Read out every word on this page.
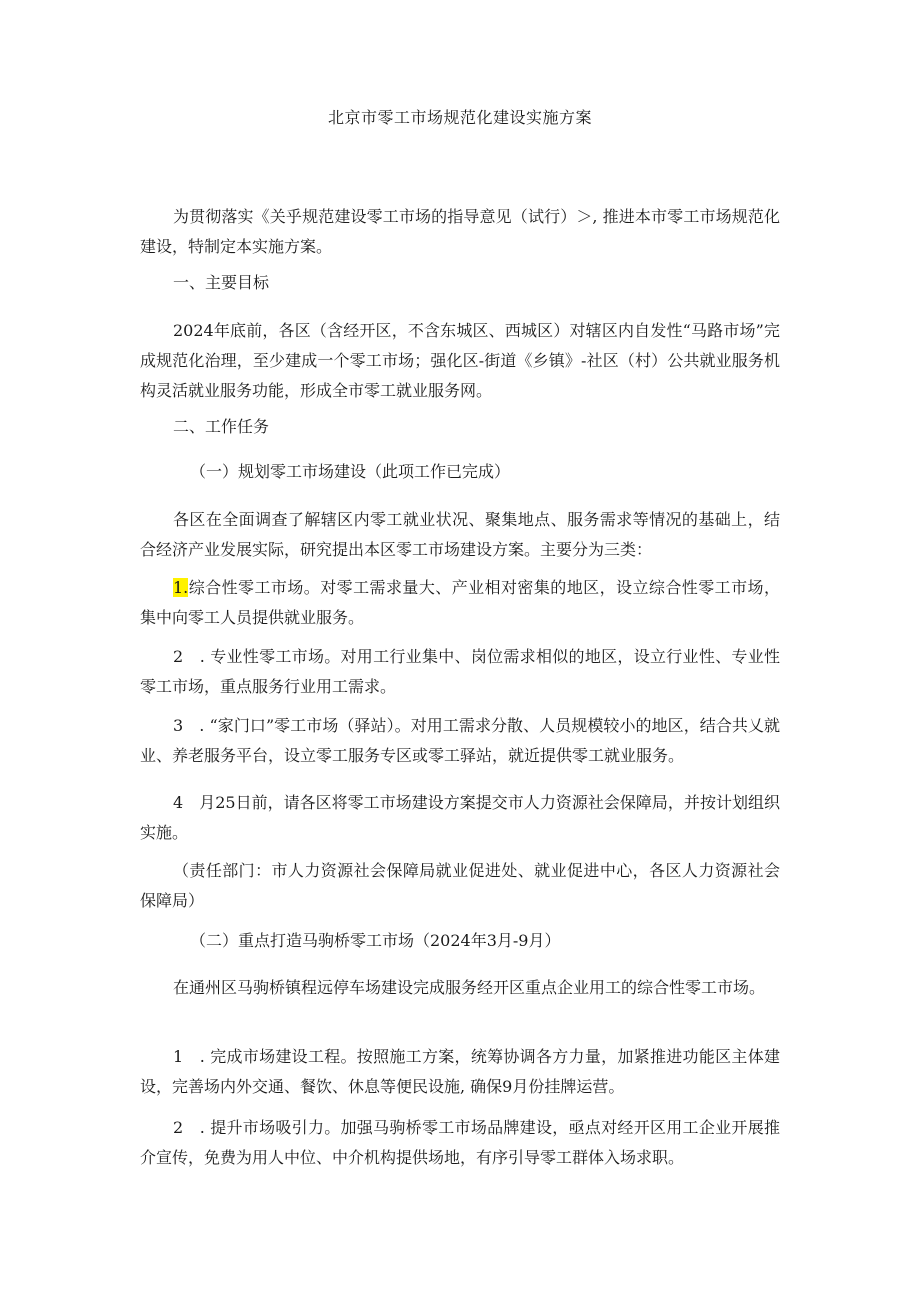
北京市零工市场规范化建设实施方案

为贯彻落实《关乎规范建设零工市场的指导意见（试行）＞, 推进本市零工市场规范化建设，特制定本实施方案。

一、主要目标

2024年底前，各区（含经开区，不含东城区、西城区）对辖区内自发性“马路市场”完成规范化治理，至少建成一个零工市场；强化区-街道《乡镇》-社区（村）公共就业服务机构灵活就业服务功能，形成全市零工就业服务网。

二、工作任务

（一）规划零工市场建设（此项工作已完成）

各区在全面调查了解辖区内零工就业状况、聚集地点、服务需求等情况的基础上，结合经济产业发展实际，研究提出本区零工市场建设方案。主要分为三类：

1.综合性零工市场。对零工需求量大、产业相对密集的地区，设立综合性零工市场，集中向零工人员提供就业服务。

2　. 专业性零工市场。对用工行业集中、岗位需求相似的地区，设立行业性、专业性零工市场，重点服务行业用工需求。

3　. “家门口”零工市场（驿站）。对用工需求分散、人员规模较小的地区，结合共乂就业、养老服务平台，设立零工服务专区或零工驿站，就近提供零工就业服务。

4　月25日前，请各区将零工市场建设方案提交市人力资源社会保障局，并按计划组织实施。

（责任部门：市人力资源社会保障局就业促进处、就业促进中心，各区人力资源社会保障局）

（二）重点打造马驹桥零工市场（2024年3月-9月）

在通州区马驹桥镇程远停车场建设完成服务经开区重点企业用工的综合性零工市场。

1　. 完成市场建设工程。按照施工方案，统筹协调各方力量，加紧推进功能区主体建设，完善场内外交通、餐饮、休息等便民设施, 确保9月份挂牌运营。

2　. 提升市场吸引力。加强马驹桥零工市场品牌建设，亟点对经开区用工企业开展推介宣传，免费为用人中位、中介机构提供场地，有序引导零工群体入场求职。
